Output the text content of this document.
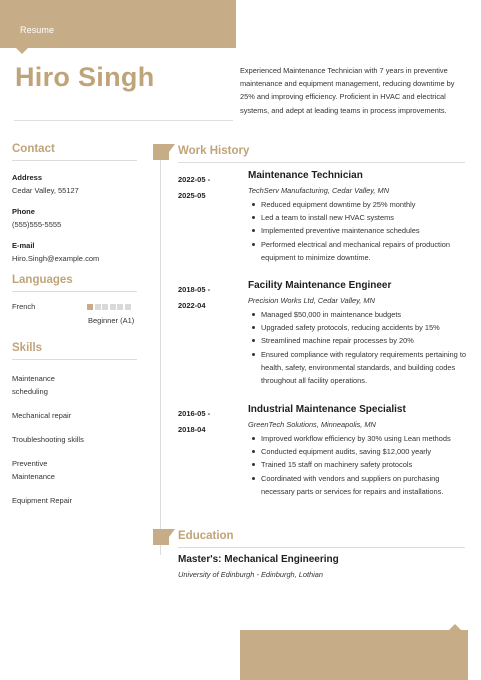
Resume
Hiro Singh	Experienced Maintenance Technician with 7 years in preventive maintenance and equipment management, reducing downtime by 25% and improving efficiency. Proficient in HVAC and electrical systems, and adept at leading teams in process improvements.
Contact
Address
Cedar Valley, 55127
Phone
(555)555-5555
E-mail
Hiro.Singh@example.com
Languages
French
Beginner (A1)
Skills
Maintenance scheduling
Mechanical repair
Troubleshooting skills
Preventive Maintenance
Equipment Repair
Work History
2022-05 -
2025-05
Maintenance Technician
TechServ Manufacturing, Cedar Valley, MN
Reduced equipment downtime by 25% monthly
Led a team to install new HVAC systems
Implemented preventive maintenance schedules
Performed electrical and mechanical repairs of production equipment to minimize downtime.
2018-05 -
2022-04
Facility Maintenance Engineer
Precision Works Ltd, Cedar Valley, MN
Managed $50,000 in maintenance budgets
Upgraded safety protocols, reducing accidents by 15%
Streamlined machine repair processes by 20%
Ensured compliance with regulatory requirements pertaining to health, safety, environmental standards, and building codes throughout all facility operations.
2016-05 -
2018-04
Industrial Maintenance Specialist
GreenTech Solutions, Minneapolis, MN
Improved workflow efficiency by 30% using Lean methods
Conducted equipment audits, saving $12,000 yearly
Trained 15 staff on machinery safety protocols
Coordinated with vendors and suppliers on purchasing necessary parts or services for repairs and installations.
Education
Master's: Mechanical Engineering
University of Edinburgh - Edinburgh, Lothian
